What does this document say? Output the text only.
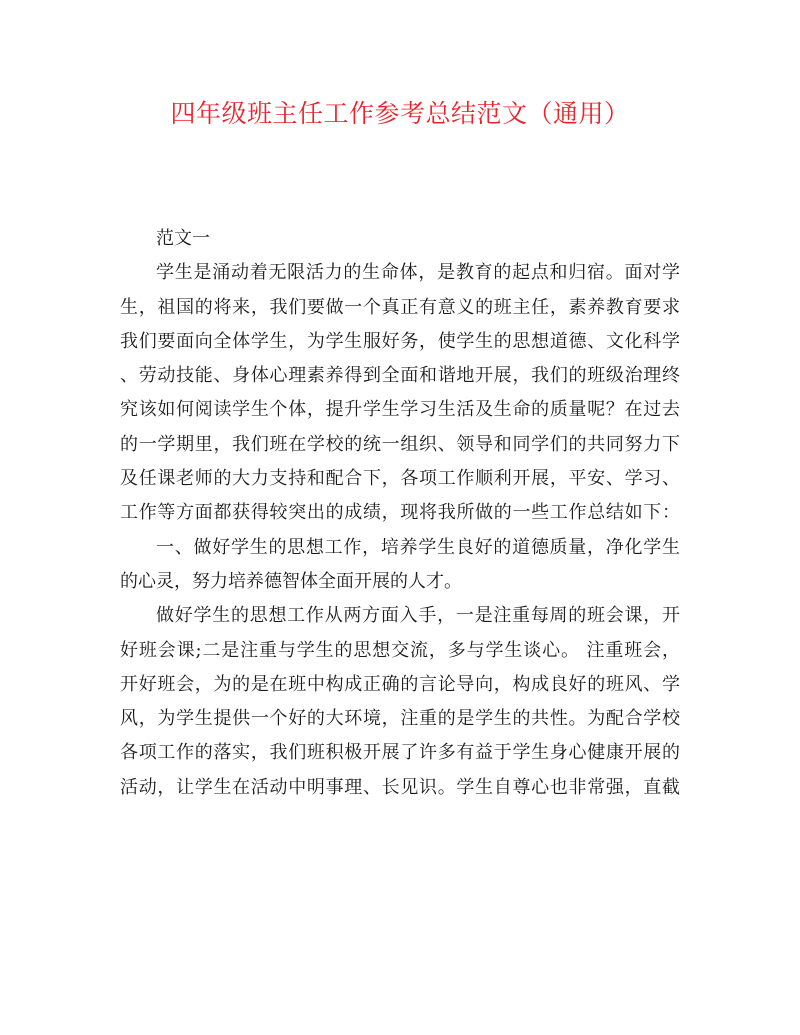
四年级班主任工作参考总结范文（通用）
范文一
学生是涌动着无限活力的生命体，是教育的起点和归宿。面对学
生，祖国的将来，我们要做一个真正有意义的班主任，素养教育要求
我们要面向全体学生，为学生服好务，使学生的思想道德、文化科学
、劳动技能、身体心理素养得到全面和谐地开展，我们的班级治理终
究该如何阅读学生个体，提升学生学习生活及生命的质量呢？在过去
的一学期里，我们班在学校的统一组织、领导和同学们的共同努力下
及任课老师的大力支持和配合下，各项工作顺利开展，平安、学习、
工作等方面都获得较突出的成绩，现将我所做的一些工作总结如下：
一、做好学生的思想工作，培养学生良好的道德质量，净化学生
的心灵，努力培养德智体全面开展的人才。
做好学生的思想工作从两方面入手，一是注重每周的班会课，开
好班会课;二是注重与学生的思想交流，多与学生谈心。 注重班会，
开好班会，为的是在班中构成正确的言论导向，构成良好的班风、学
风，为学生提供一个好的大环境，注重的是学生的共性。为配合学校
各项工作的落实，我们班积极开展了许多有益于学生身心健康开展的
活动，让学生在活动中明事理、长见识。学生自尊心也非常强，直截
